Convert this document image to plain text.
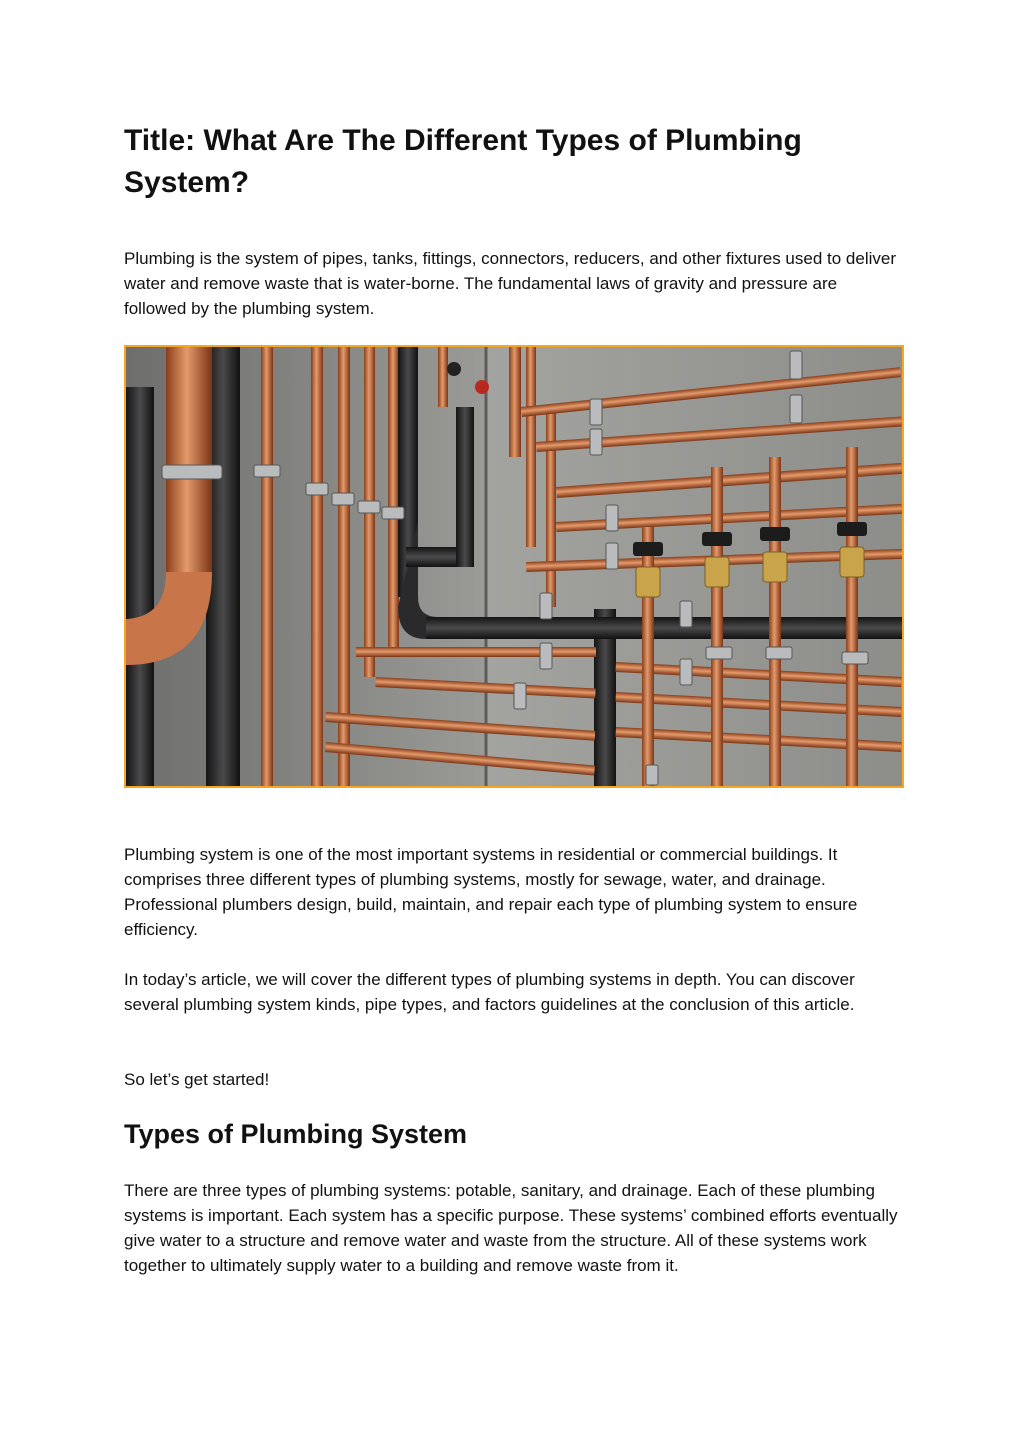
Title: What Are The Different Types of Plumbing System?

Plumbing is the system of pipes, tanks, fittings, connectors, reducers, and other fixtures used to deliver water and remove waste that is water-borne. The fundamental laws of gravity and pressure are followed by the plumbing system.

Plumbing system is one of the most important systems in residential or commercial buildings. It comprises three different types of plumbing systems, mostly for sewage, water, and drainage. Professional plumbers design, build, maintain, and repair each type of plumbing system to ensure efficiency.

In today’s article, we will cover the different types of plumbing systems in depth. You can discover several plumbing system kinds, pipe types, and factors guidelines at the conclusion of this article.

So let’s get started!

Types of Plumbing System

There are three types of plumbing systems: potable, sanitary, and drainage. Each of these plumbing systems is important. Each system has a specific purpose. These systems’ combined efforts eventually give water to a structure and remove water and waste from the structure. All of these systems work together to ultimately supply water to a building and remove waste from it.
